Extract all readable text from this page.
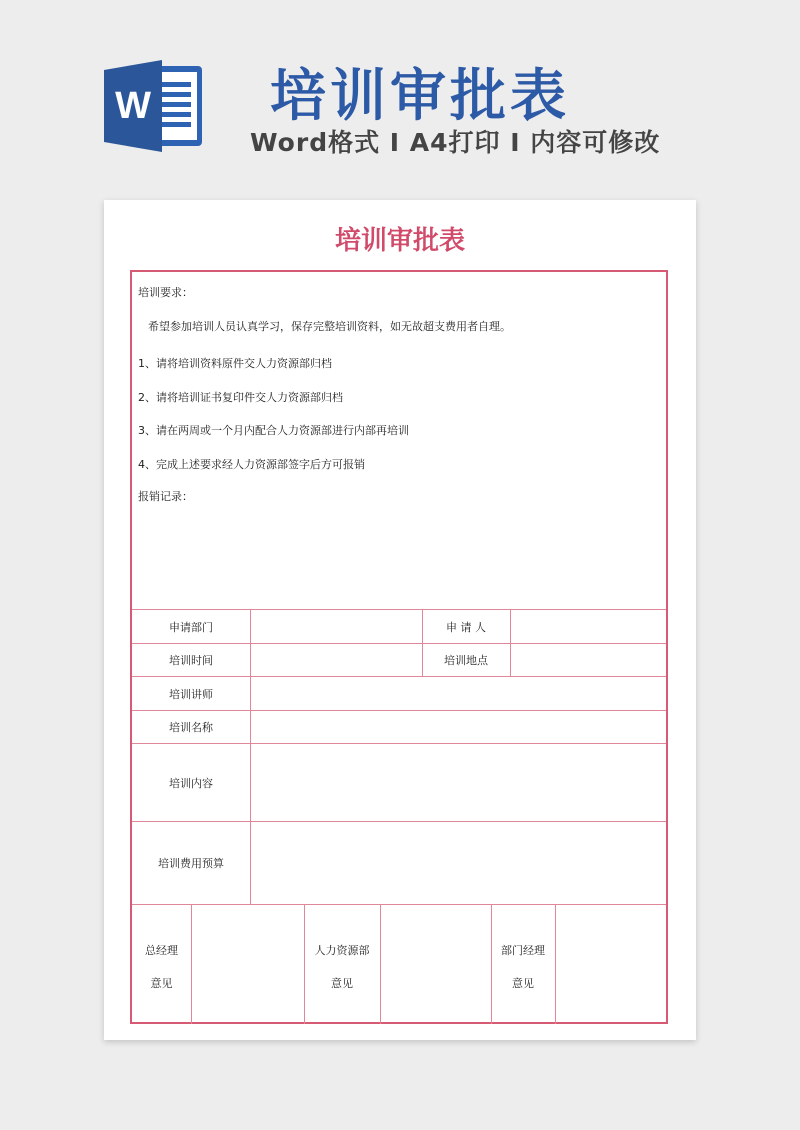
W 培训审批表
Word格式 I A4打印 I 内容可修改
培训审批表
培训要求：
希望参加培训人员认真学习，保存完整培训资料，如无故超支费用者自理。
1、请将培训资料原件交人力资源部归档
2、请将培训证书复印件交人力资源部归档
3、请在两周或一个月内配合人力资源部进行内部再培训
4、完成上述要求经人力资源部签字后方可报销
报销记录：
申请部门	申 请 人
培训时间	培训地点
培训讲师
培训名称
培训内容
培训费用预算
总经理
意见
人力资源部
意见
部门经理
意见
